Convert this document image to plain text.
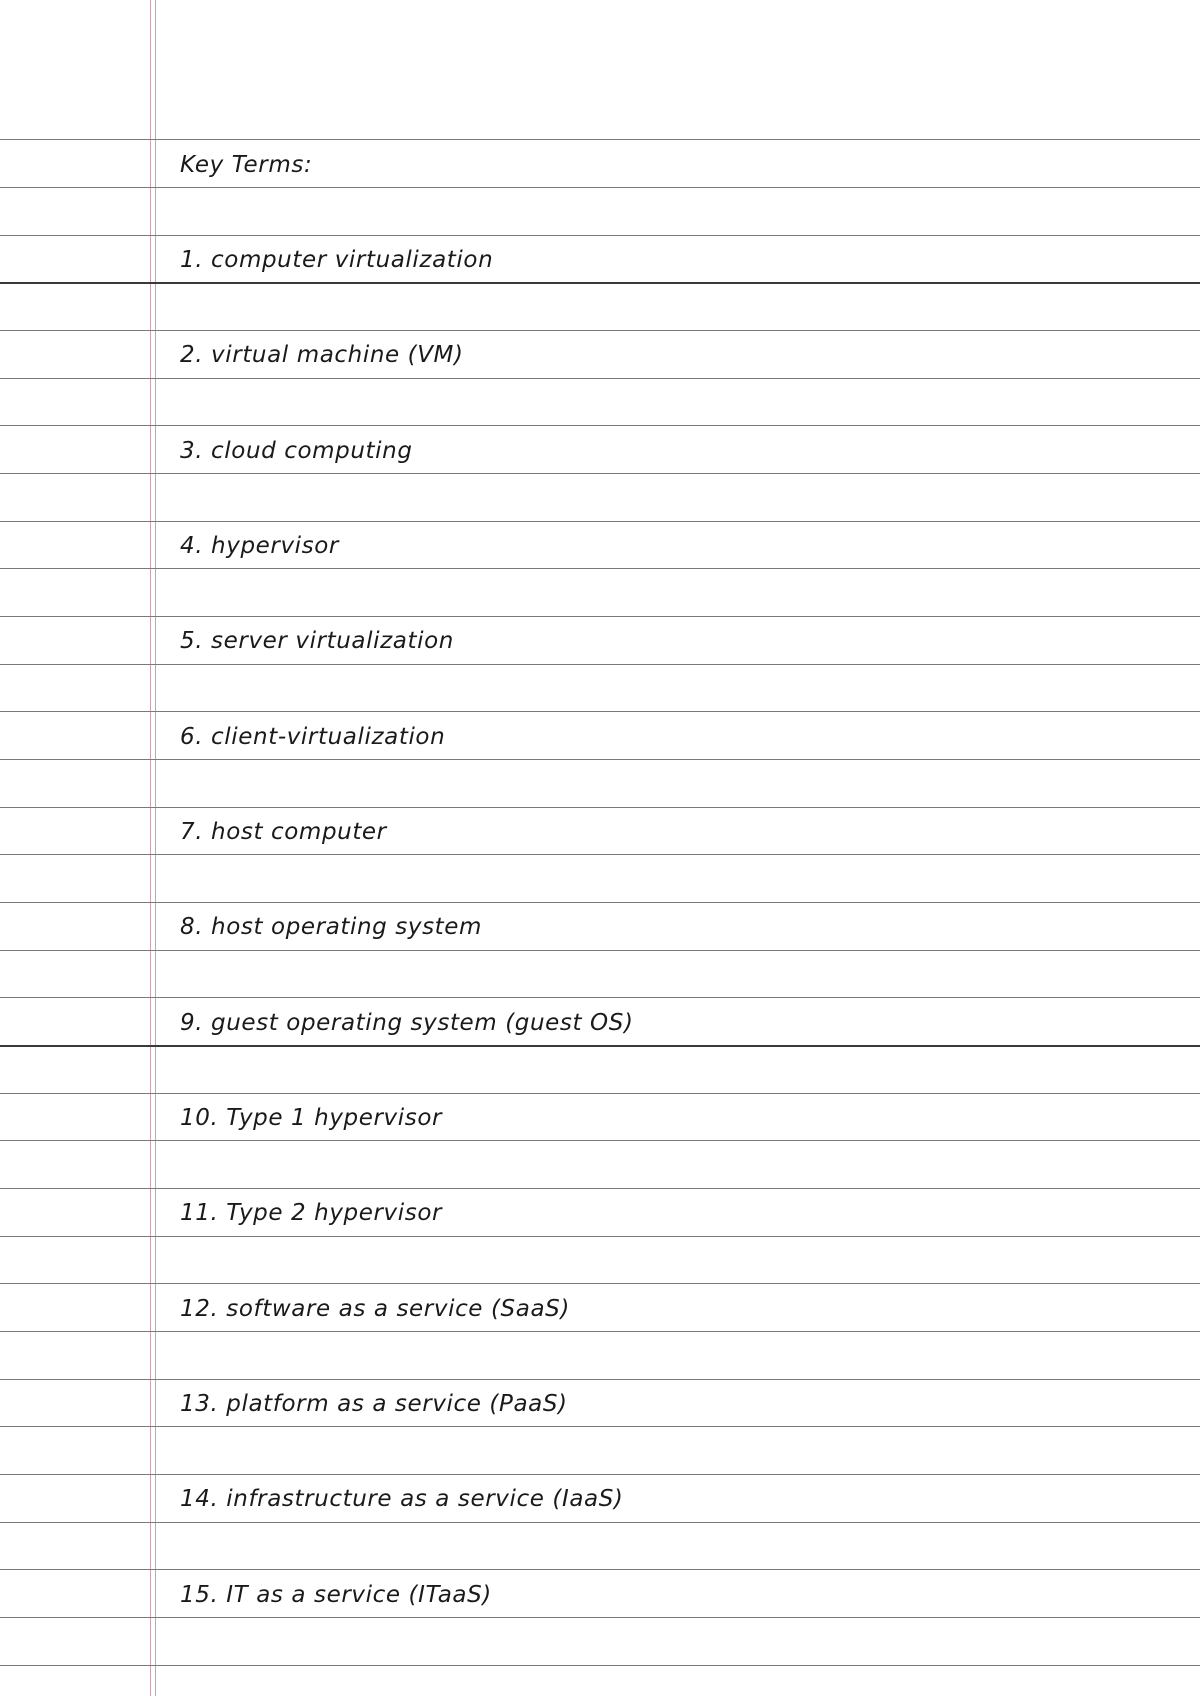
Key Terms:
1. computer virtualization
2. virtual machine (VM)
3. cloud computing
4. hypervisor
5. server virtualization
6. client-virtualization
7. host computer
8. host operating system
9. guest operating system (guest OS)
10. Type 1 hypervisor
11. Type 2 hypervisor
12. software as a service (SaaS)
13. platform as a service (PaaS)
14. infrastructure as a service (IaaS)
15. IT as a service (ITaaS)
